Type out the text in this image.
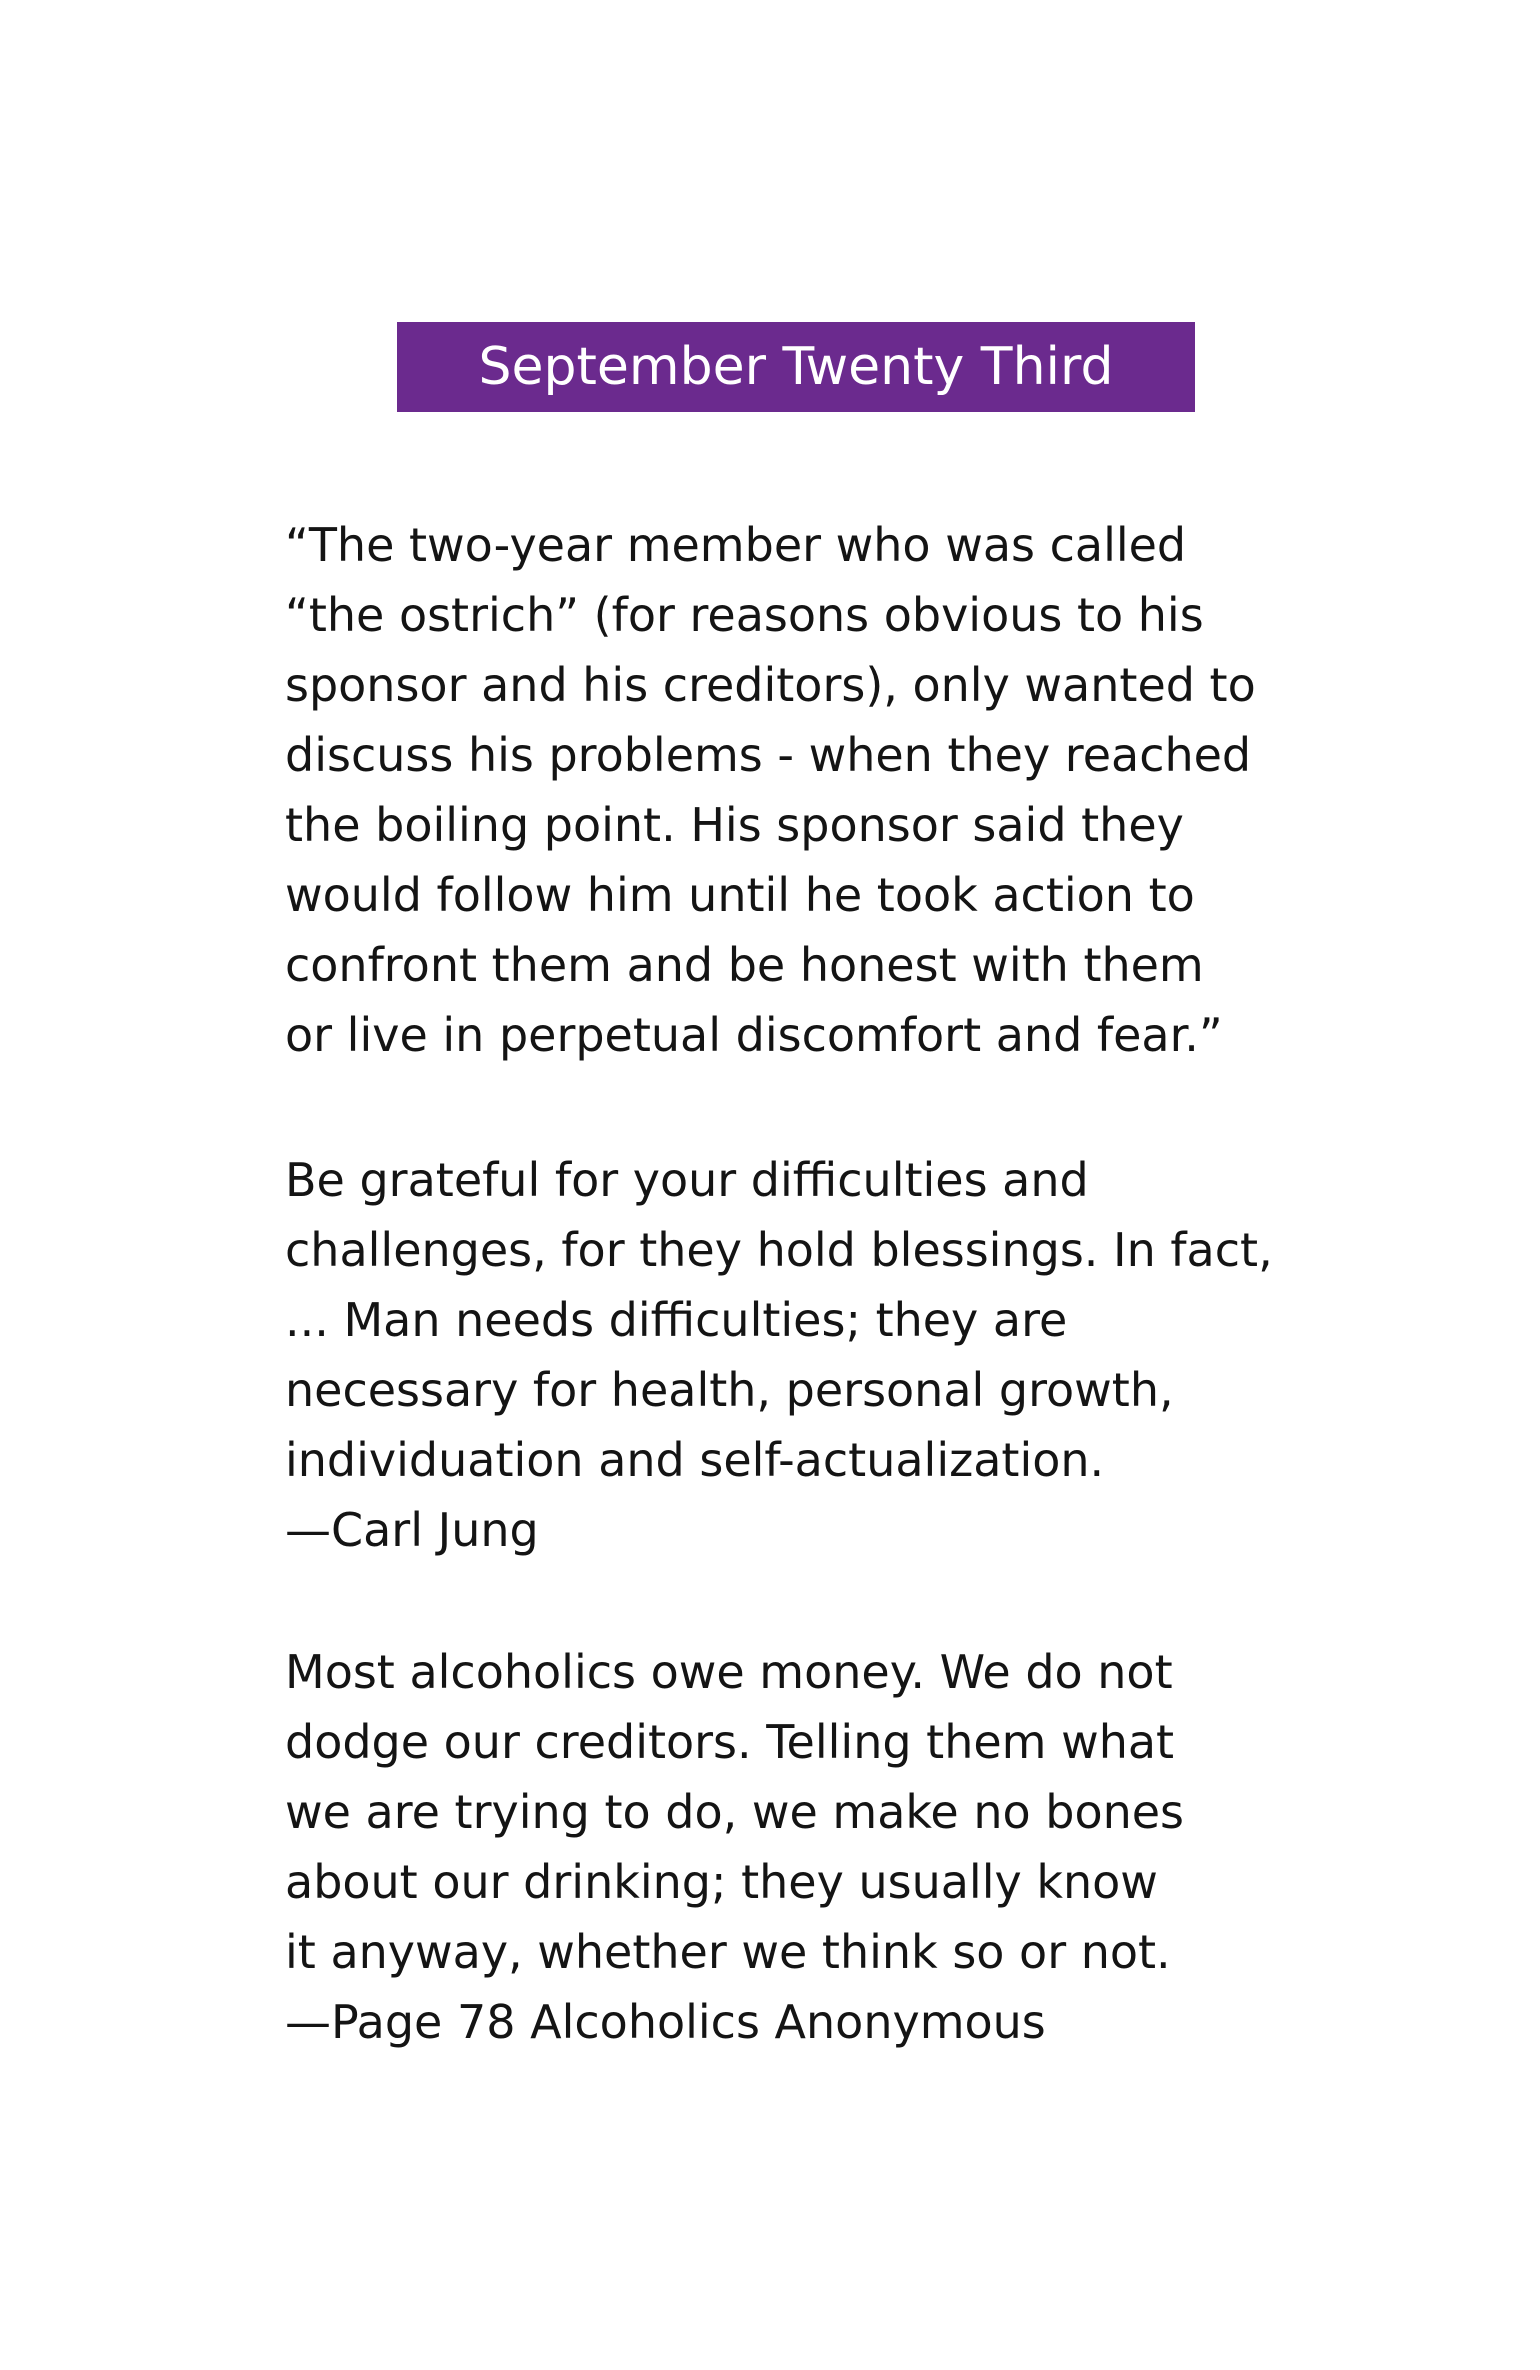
September Twenty Third
“The two-year member who was called
“the ostrich” (for reasons obvious to his
sponsor and his creditors), only wanted to
discuss his problems - when they reached
the boiling point. His sponsor said they
would follow him until he took action to
confront them and be honest with them
or live in perpetual discomfort and fear.”
Be grateful for your difficulties and
challenges, for they hold blessings. In fact,
... Man needs difficulties; they are
necessary for health, personal growth,
individuation and self-actualization.
—Carl Jung
Most alcoholics owe money. We do not
dodge our creditors. Telling them what
we are trying to do, we make no bones
about our drinking; they usually know
it anyway, whether we think so or not.
—Page 78 Alcoholics Anonymous
